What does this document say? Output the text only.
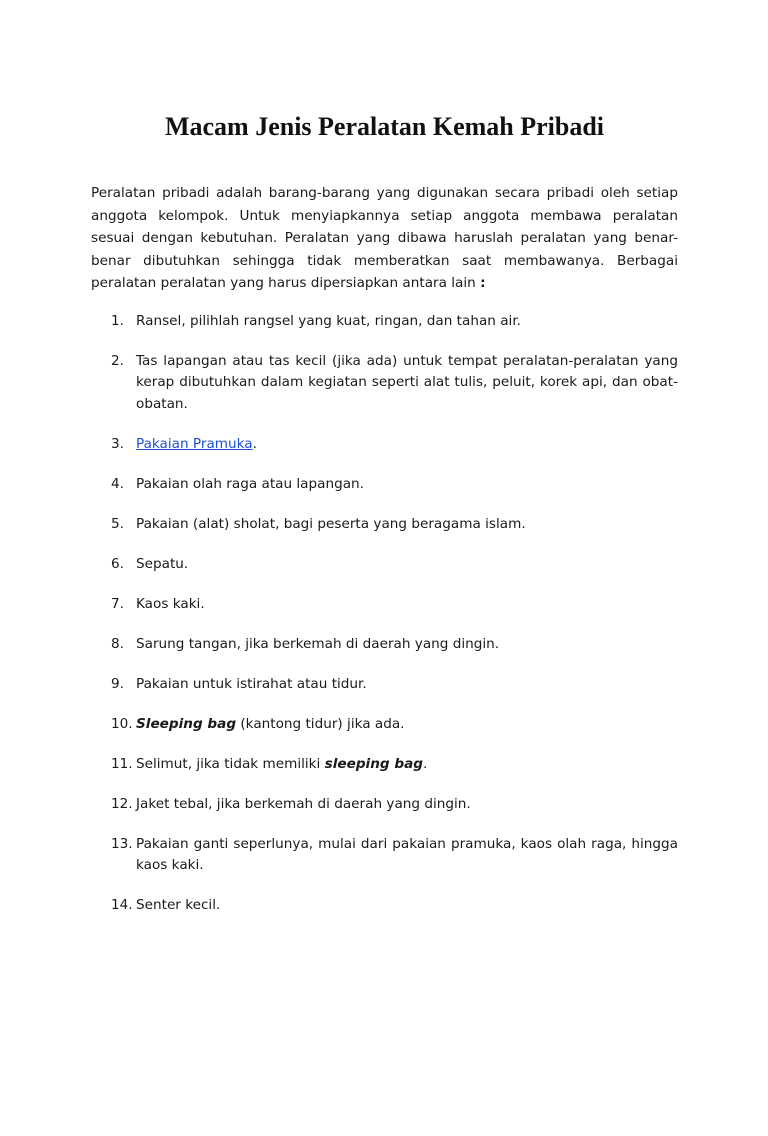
Macam Jenis Peralatan Kemah Pribadi

Peralatan pribadi adalah barang-barang yang digunakan secara pribadi oleh setiap anggota kelompok. Untuk menyiapkannya setiap anggota membawa peralatan sesuai dengan kebutuhan. Peralatan yang dibawa haruslah peralatan yang benar-benar dibutuhkan sehingga tidak memberatkan saat membawanya. Berbagai peralatan peralatan yang harus dipersiapkan antara lain :

1. Ransel, pilihlah rangsel yang kuat, ringan, dan tahan air.
2. Tas lapangan atau tas kecil (jika ada) untuk tempat peralatan-peralatan yang kerap dibutuhkan dalam kegiatan seperti alat tulis, peluit, korek api, dan obat-obatan.
3. Pakaian Pramuka.
4. Pakaian olah raga atau lapangan.
5. Pakaian (alat) sholat, bagi peserta yang beragama islam.
6. Sepatu.
7. Kaos kaki.
8. Sarung tangan, jika berkemah di daerah yang dingin.
9. Pakaian untuk istirahat atau tidur.
10. Sleeping bag (kantong tidur) jika ada.
11. Selimut, jika tidak memiliki sleeping bag.
12. Jaket tebal, jika berkemah di daerah yang dingin.
13. Pakaian ganti seperlunya, mulai dari pakaian pramuka, kaos olah raga, hingga kaos kaki.
14. Senter kecil.
